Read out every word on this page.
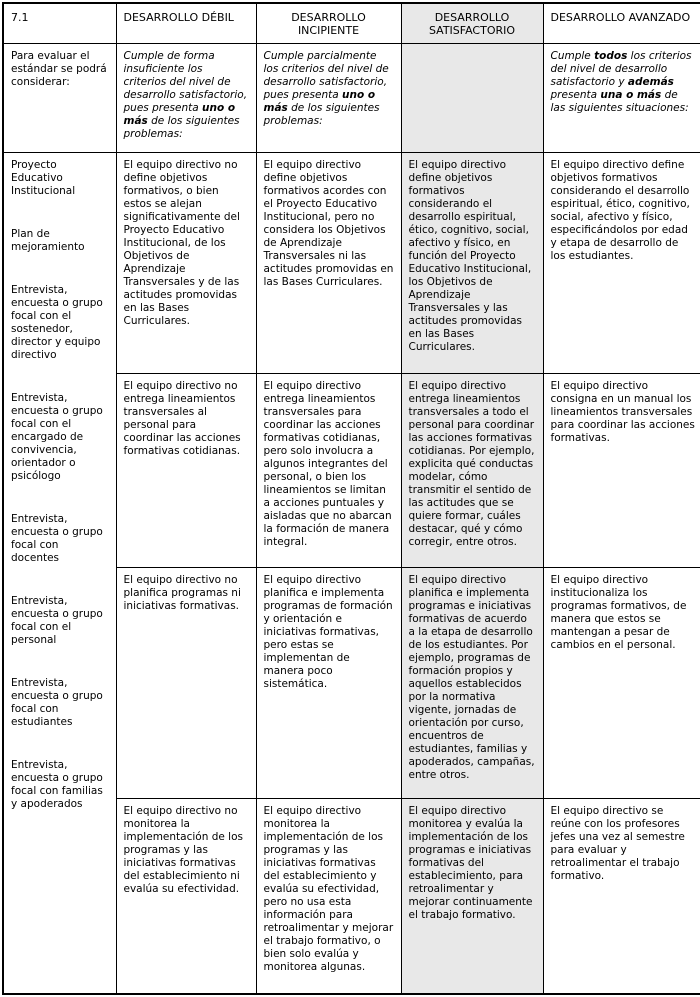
7.1	DESARROLLO DÉBIL	DESARROLLO INCIPIENTE	DESARROLLO SATISFACTORIO	DESARROLLO AVANZADO
Para evaluar el estándar se podrá considerar:	Cumple de forma insuficiente los criterios del nivel de desarrollo satisfactorio, pues presenta uno o más de los siguientes problemas:	Cumple parcialmente los criterios del nivel de desarrollo satisfactorio, pues presenta uno o más de los siguientes problemas:		Cumple todos los criterios del nivel de desarrollo satisfactorio y además presenta una o más de las siguientes situaciones:

Proyecto Educativo Institucional

Plan de mejoramiento

Entrevista, encuesta o grupo focal con el sostenedor, director y equipo directivo

Entrevista, encuesta o grupo focal con el encargado de convivencia, orientador o psicólogo

Entrevista, encuesta o grupo focal con docentes

Entrevista, encuesta o grupo focal con el personal

Entrevista, encuesta o grupo focal con estudiantes

Entrevista, encuesta o grupo focal con familias y apoderados

	El equipo directivo no define objetivos formativos, o bien estos se alejan significativamente del Proyecto Educativo Institucional, de los Objetivos de Aprendizaje Transversales y de las actitudes promovidas en las Bases Curriculares.	El equipo directivo define objetivos formativos acordes con el Proyecto Educativo Institucional, pero no considera los Objetivos de Aprendizaje Transversales ni las actitudes promovidas en las Bases Curriculares.	El equipo directivo define objetivos formativos considerando el desarrollo espiritual, ético, cognitivo, social, afectivo y físico, en función del Proyecto Educativo Institucional, los Objetivos de Aprendizaje Transversales y las actitudes promovidas en las Bases Curriculares.	El equipo directivo define objetivos formativos considerando el desarrollo espiritual, ético, cognitivo, social, afectivo y físico, especificándolos por edad y etapa de desarrollo de los estudiantes.
El equipo directivo no entrega lineamientos transversales al personal para coordinar las acciones formativas cotidianas.	El equipo directivo entrega lineamientos transversales para coordinar las acciones formativas cotidianas, pero solo involucra a algunos integrantes del personal, o bien los lineamientos se limitan a acciones puntuales y aisladas que no abarcan la formación de manera integral.	El equipo directivo entrega lineamientos transversales a todo el personal para coordinar las acciones formativas cotidianas. Por ejemplo, explicita qué conductas modelar, cómo transmitir el sentido de las actitudes que se quiere formar, cuáles destacar, qué y cómo corregir, entre otros.	El equipo directivo consigna en un manual los lineamientos transversales para coordinar las acciones formativas.
	El equipo directivo no planifica programas ni iniciativas formativas.	El equipo directivo planifica e implementa programas de formación y orientación e iniciativas formativas, pero estas se implementan de manera poco sistemática.	El equipo directivo planifica e implementa programas e iniciativas formativas de acuerdo a la etapa de desarrollo de los estudiantes. Por ejemplo, programas de formación propios y aquellos establecidos por la normativa vigente, jornadas de orientación por curso, encuentros de estudiantes, familias y apoderados, campañas, entre otros.	El equipo directivo institucionaliza los programas formativos, de manera que estos se mantengan a pesar de cambios en el personal.
	El equipo directivo no monitorea la implementación de los programas y las iniciativas formativas del establecimiento ni evalúa su efectividad.	El equipo directivo monitorea la implementación de los programas y las iniciativas formativas del establecimiento y evalúa su efectividad, pero no usa esta información para retroalimentar y mejorar el trabajo formativo, o bien solo evalúa y monitorea algunas.	El equipo directivo monitorea y evalúa la implementación de los programas e iniciativas formativas del establecimiento, para retroalimentar y mejorar continuamente el trabajo formativo.	El equipo directivo se reúne con los profesores jefes una vez al semestre para evaluar y retroalimentar el trabajo formativo.
